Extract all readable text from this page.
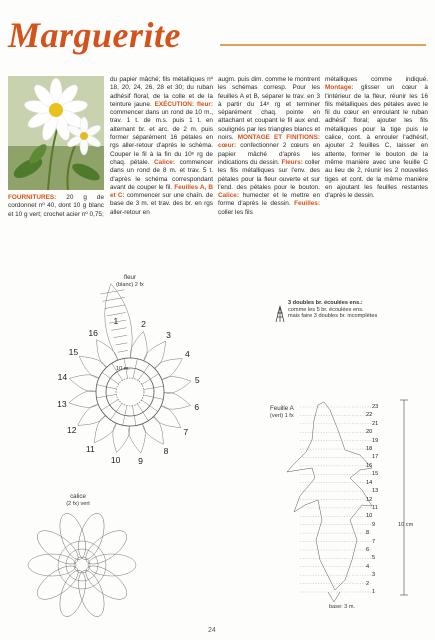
Marguerite

FOURNITURES: 20 g de cordonnet nº 40, dont 10 g blanc et 10 g vert; crochet acier nº 0,75;

du papier mâché; fils métalliques nº 18, 20, 24, 26, 28 et 30; du ruban adhésif floral, de la colle et de la teinture jaune. EXÉCUTION: fleur: commencer dans un rond de 10 m., trav. 1 t. de m.s. puis 1 t. en alternant br. et arc. de 2 m. puis former séparément 16 pétales en rgs aller-retour d'après le schéma. Couper le fil à la fin du 10ᵉ rg de chaq. pétale. Calice: commencer dans un rond de 8 m. et trav. 5 t. d'après le schéma correspondant avant de couper le fil. Feuilles A, B et C: commencer sur une chaîn. de base de 3 m. et trav. des br. en rgs aller-retour en

augm. puis dim. comme le montrent les schémas corresp. Pour les feuilles A et B, séparer le trav. en 3 à partir du 14ᵉ rg et terminer séparément chaq. pointe en attachant et coupant le fil aux end. soulignés par les triangles blancs et noirs. MONTAGE ET FINITIONS: cœur: confectionner 2 cœurs en papier mâché d'après les indications du dessin. Fleurs: coller les fils métalliques sur l'env. des pétales pour la fleur ouverte et sur l'end. des pétales pour le bouton. Calice: humecter et le mettre en forme d'après le dessin. Feuilles: coller les fils

métalliques comme indiqué. Montage: glisser un cœur à l'intérieur de la fleur, réunir les 16 fils métalliques des pétales avec le fil du cœur en enroulant le ruban adhésif floral; ajouter les fils métalliques pour la tige puis le calice, cont. à enrouler l'adhésif, ajouter 2 feuilles C, laisser en attente, former le bouton de la même manière avec une feuille C au lieu de 2, réunir les 2 nouvelles tiges et cont. de la même manière en ajoutant les feuilles restantes d'après le dessin.

fleur
(blanc) 2 fx
10 m.
3 doubles br. écoulées ens.:
comme les 5 br. écoulées ens.
mais faire 3 doubles br. incomplètes
Feuille A
(vert) 1 fx
calice
(2 fx) vert
10 cm
base: 3 m.
1	2
3
4
5
6
7
8
9
10
11
12
13
14
15
16
23
22
21
20
19
18
17
16
15
14
13
12
11
10
9
8
7
6
5
4
3
2
1
24
